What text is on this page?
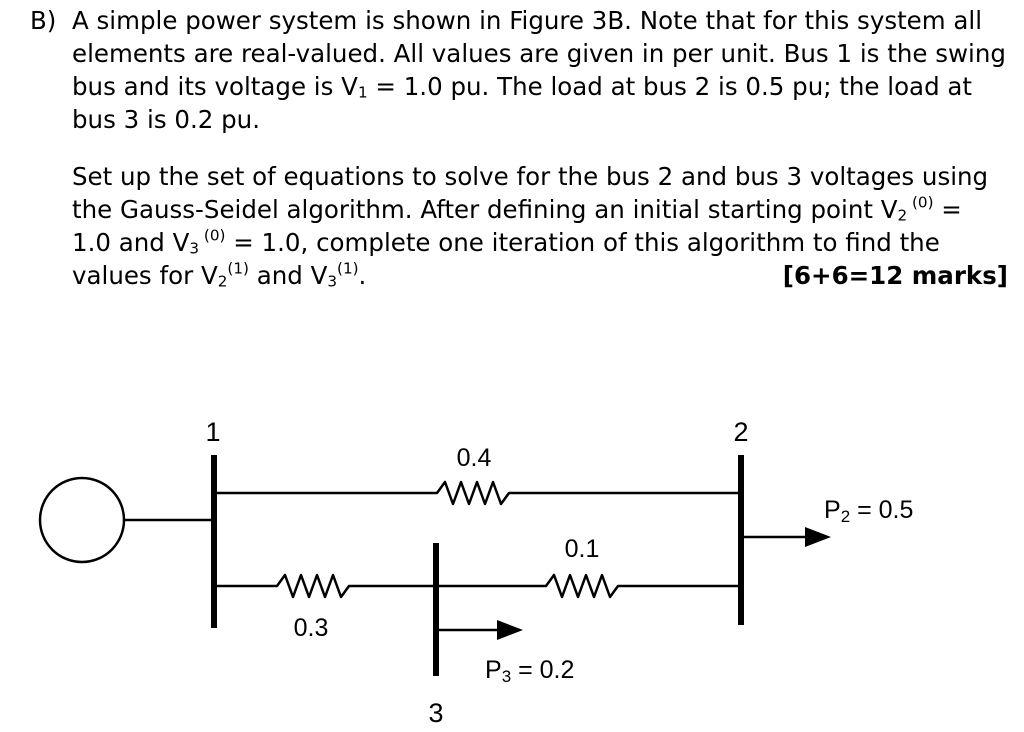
B) A simple power system is shown in Figure 3B. Note that for this system all
elements are real-valued. All values are given in per unit. Bus 1 is the swing
bus and its voltage is $V_1 = 1.0$ pu. The load at bus 2 is 0.5 pu; the load at
bus 3 is 0.2 pu.

Set up the set of equations to solve for the bus 2 and bus 3 voltages using
the Gauss-Seidel algorithm. After defining an initial starting point $V_2$ $^{(0)}$ =
1.0 and $V_3$ $^{(0)}$ = 1.0, complete one iteration of this algorithm to find the
values for $V_2^{(1)}$ and $V_3^{(1)}$.	[6+6=12 marks]

1	2
3
0.4
0.3
0.1
P2 = 0.5
P3 = 0.2
